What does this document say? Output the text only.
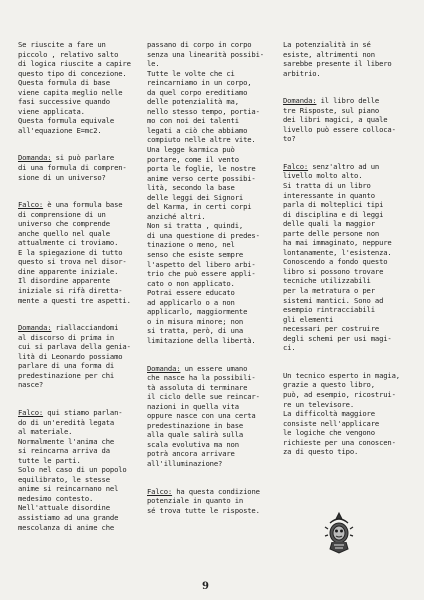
Se riuscite a fare un
piccolo , relativo salto
di logica riuscite a capire
questo tipo di concezione.
Questa formula di base
viene capita meglio nelle
fasi successive quando
viene applicata.
Questa formula equivale
all'equazione E=mc2.
Domanda: si può parlare
di una formula di compren-
sione di un universo?
Falco: è una formula base
di comprensione di un
universo che comprende
anche quello nel quale
attualmente ci troviamo.
E la spiegazione di tutto
questo si trova nel disor-
dine apparente iniziale.
Il disordine apparente
iniziale si rifà diretta-
mente a questi tre aspetti.
Domanda: riallacciandomi
al discorso di prima in
cui si parlava della genia-
lità di Leonardo possiamo
parlare di una forma di
predestinazione per chi
nasce?
Falco: qui stiamo parlan-
do di un'eredità legata
al materiale.
Normalmente l'anima che
si reincarna arriva da
tutte le parti.
Solo nel caso di un popolo
equilibrato, le stesse
anime si reincarnano nel
medesimo contesto.
Nell'attuale disordine
assistiamo ad una grande
mescolanza di anime che
passano di corpo in corpo
senza una linearità possibi-
le.
Tutte le volte che ci
reincarniamo in un corpo,
da quel corpo ereditiamo
delle potenzialità ma,
nello stesso tempo, portia-
mo con noi dei talenti
legati a ciò che abbiamo
compiuto nelle altre vite.
Una legge karmica può
portare, come il vento
porta le foglie, le nostre
anime verso certe possibi-
lità, secondo la base
delle leggi dei Signori
del Karma, in certi corpi
anziché altri.
Non si tratta , quindi,
di una questione di predes-
tinazione o meno, nel
senso che esiste sempre
l'aspetto del libero arbi-
trio che può essere appli-
cato o non applicato.
Potrai essere educato
ad applicarlo o a non
applicarlo, maggiormente
o in misura minore; non
si tratta, però, di una
limitazione della libertà.
Domanda: un essere umano
che nasce ha la possibili-
tà assoluta di terminare
il ciclo delle sue reincar-
nazioni in quella vita
oppure nasce con una certa
predestinazione in base
alla quale salirà sulla
scala evolutiva ma non
potrà ancora arrivare
all'illuminazione?
Falco: ha questa condizione
potenziale in quanto in
sé trova tutte le risposte.
La potenzialità in sé
esiste, altrimenti non
sarebbe presente il libero
arbitrio.
Domanda: il libro delle
tre Risposte, sul piano
dei libri magici, a quale
livello può essere colloca-
to?
Falco: senz'altro ad un
livello molto alto.
Si tratta di un libro
interessante in quanto
parla di molteplici tipi
di disciplina e di leggi
delle quali la maggior
parte delle persone non
ha mai immaginato, neppure
lontanamente, l'esistenza.
Conoscendo a fondo questo
libro si possono trovare
tecniche utilizzabili
per la metratura o per
sistemi mantici. Sono ad
esempio rintracciabili
gli elementi
necessari per costruire
degli schemi per usi magi-
ci.
Un tecnico esperto in magia,
grazie a questo libro,
può, ad esempio, ricostrui-
re un televisore.
La difficoltà maggiore
consiste nell'applicare
le logiche che vengono
richieste per una conoscen-
za di questo tipo.
9
